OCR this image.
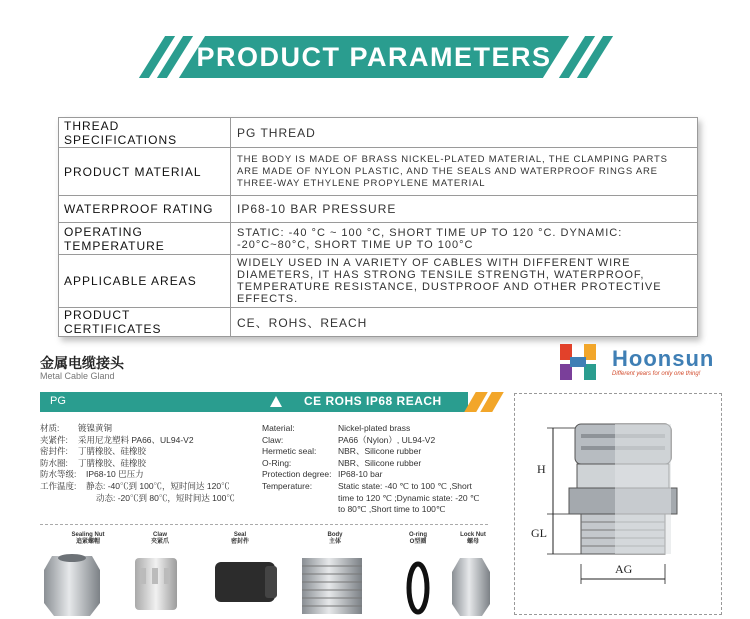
PRODUCT PARAMETERS
THREAD SPECIFICATIONS	PG THREAD
PRODUCT MATERIAL	THE BODY IS MADE OF BRASS NICKEL-PLATED MATERIAL, THE CLAMPING PARTS ARE MADE OF NYLON PLASTIC, AND THE SEALS AND WATERPROOF RINGS ARE THREE-WAY ETHYLENE PROPYLENE MATERIAL
WATERPROOF RATING	IP68-10 BAR PRESSURE
OPERATING TEMPERATURE	STATIC: -40 °C ~ 100 °C, SHORT TIME UP TO 120 °C. DYNAMIC: -20°C~80°C, SHORT TIME UP TO 100°C
APPLICABLE AREAS	WIDELY USED IN A VARIETY OF CABLES WITH DIFFERENT WIRE DIAMETERS, IT HAS STRONG TENSILE STRENGTH, WATERPROOF, TEMPERATURE RESISTANCE, DUSTPROOF AND OTHER PROTECTIVE EFFECTS.
PRODUCT CERTIFICATES	CE、ROHS、REACH
金属电缆接头
Metal Cable Gland
Hoonsun
Different years for only one thing!
PG	CE ROHS IP68 REACH
材质:	镀镍黄铜
夹紧件:	采用尼龙塑料 PA66、UL94-V2
密封件:	丁腈橡胶、硅橡胶
防水圈:	丁腈橡胶、硅橡胶
防水等级:	IP68-10 巴压力
工作温度:	静态: -40℃到 100℃，短时间达 120℃
动态: -20℃到 80℃，短时间达 100℃
Material:	Nickel-plated brass
Claw:	PA66（Nylon）, UL94-V2
Hermetic seal:	NBR、Silicone rubber
O-Ring:	NBR、Silicone rubber
Protection degree: IP68-10 bar
Temperature:	Static state: -40 ℃ to 100 ℃ ,Short
time to 120 ℃ ;Dynamic state: -20 ℃
to 80℃ ,Short time to 100℃
Sealing Nut
追紧螺帽
Claw
夹紧爪
Seal
密封件
Body
主体
O-ring
O型圈
Lock Nut
螺母
H
GL
AG
